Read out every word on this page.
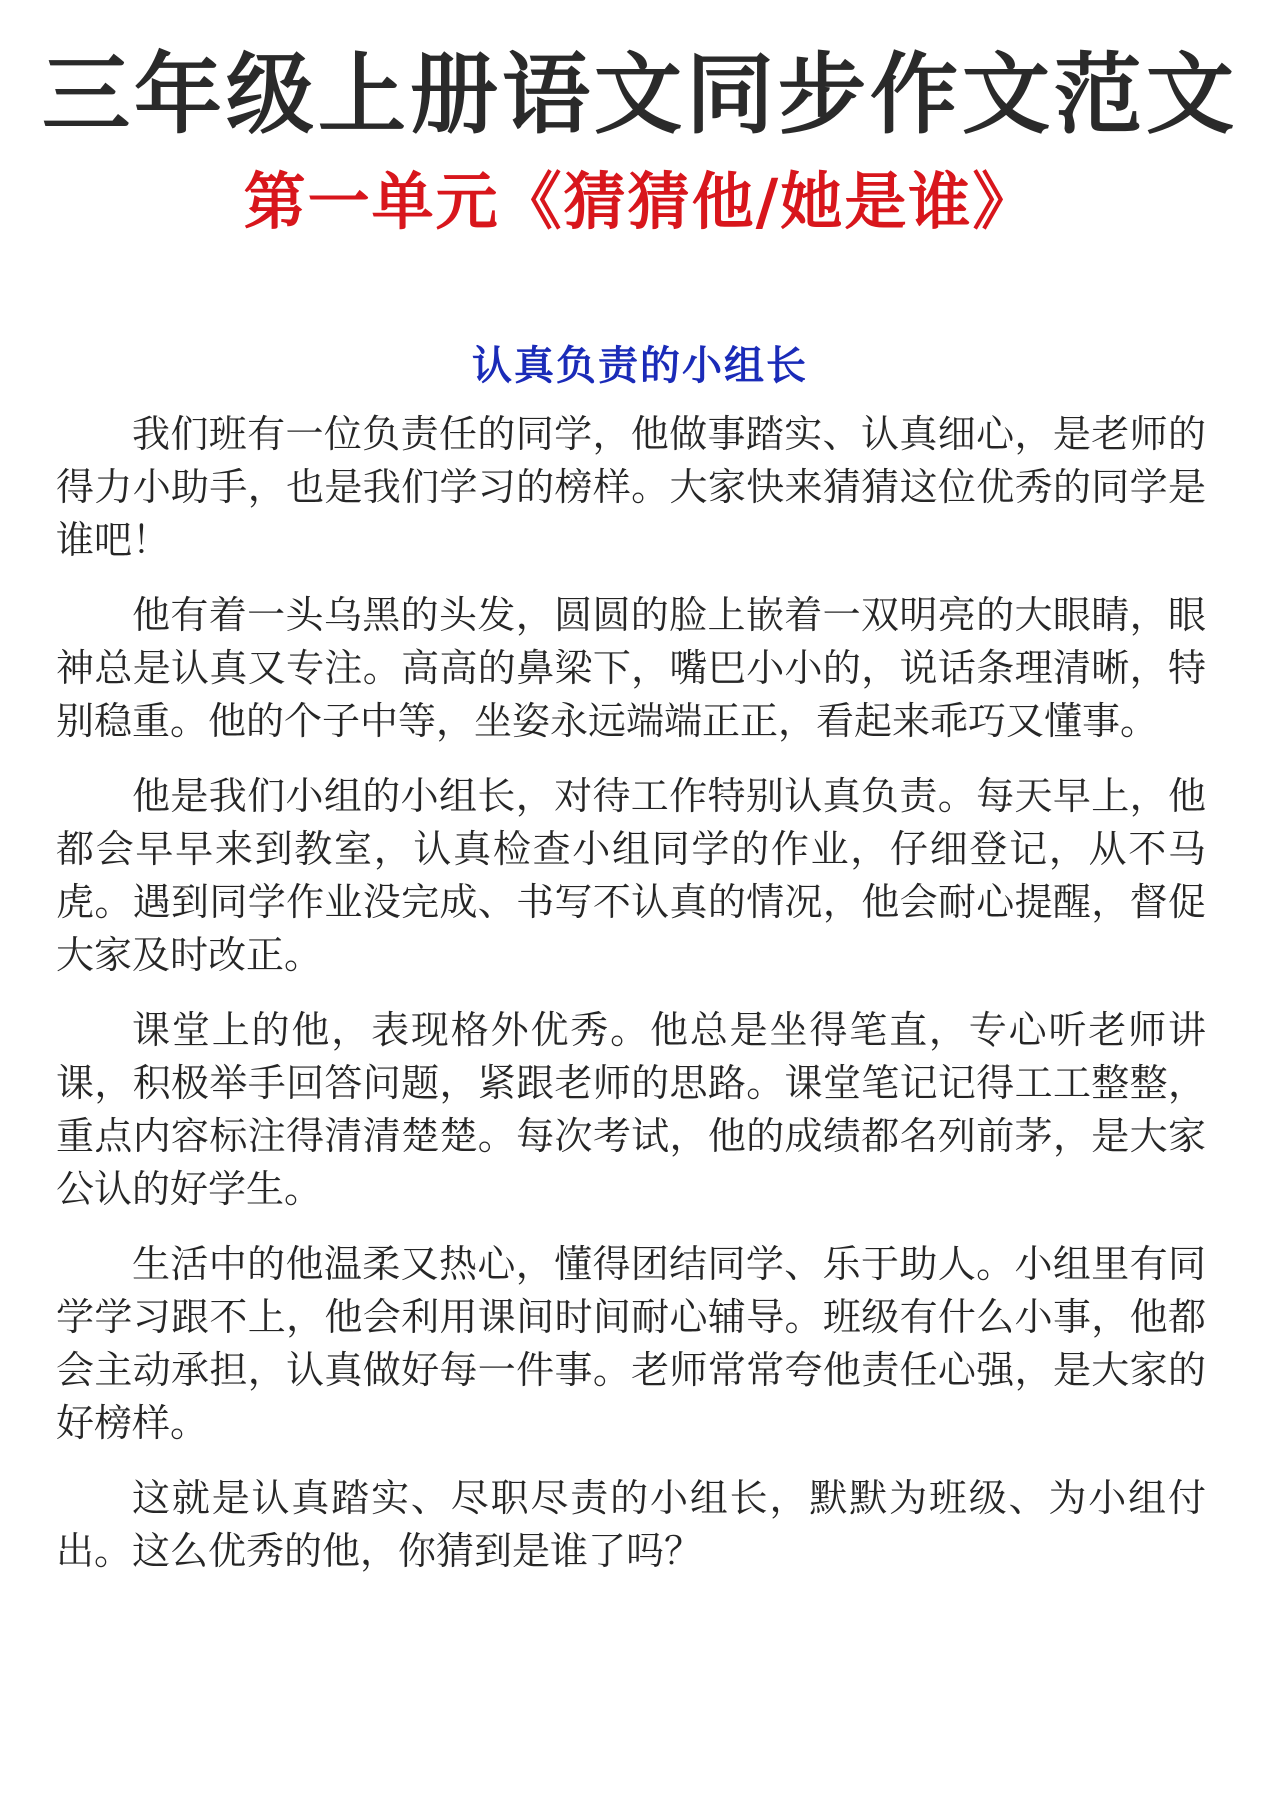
三年级上册语文同步作文范文
第一单元《猜猜他/她是谁》
认真负责的小组长

我们班有一位负责任的同学，他做事踏实、认真细心，是老师的得力小助手，也是我们学习的榜样。大家快来猜猜这位优秀的同学是谁吧！

他有着一头乌黑的头发，圆圆的脸上嵌着一双明亮的大眼睛，眼神总是认真又专注。高高的鼻梁下，嘴巴小小的，说话条理清晰，特别稳重。他的个子中等，坐姿永远端端正正，看起来乖巧又懂事。

他是我们小组的小组长，对待工作特别认真负责。每天早上，他都会早早来到教室，认真检查小组同学的作业，仔细登记，从不马虎。遇到同学作业没完成、书写不认真的情况，他会耐心提醒，督促大家及时改正。

课堂上的他，表现格外优秀。他总是坐得笔直，专心听老师讲课，积极举手回答问题，紧跟老师的思路。课堂笔记记得工工整整，重点内容标注得清清楚楚。每次考试，他的成绩都名列前茅，是大家公认的好学生。

生活中的他温柔又热心，懂得团结同学、乐于助人。小组里有同学学习跟不上，他会利用课间时间耐心辅导。班级有什么小事，他都会主动承担，认真做好每一件事。老师常常夸他责任心强，是大家的好榜样。

这就是认真踏实、尽职尽责的小组长，默默为班级、为小组付出。这么优秀的他，你猜到是谁了吗？
